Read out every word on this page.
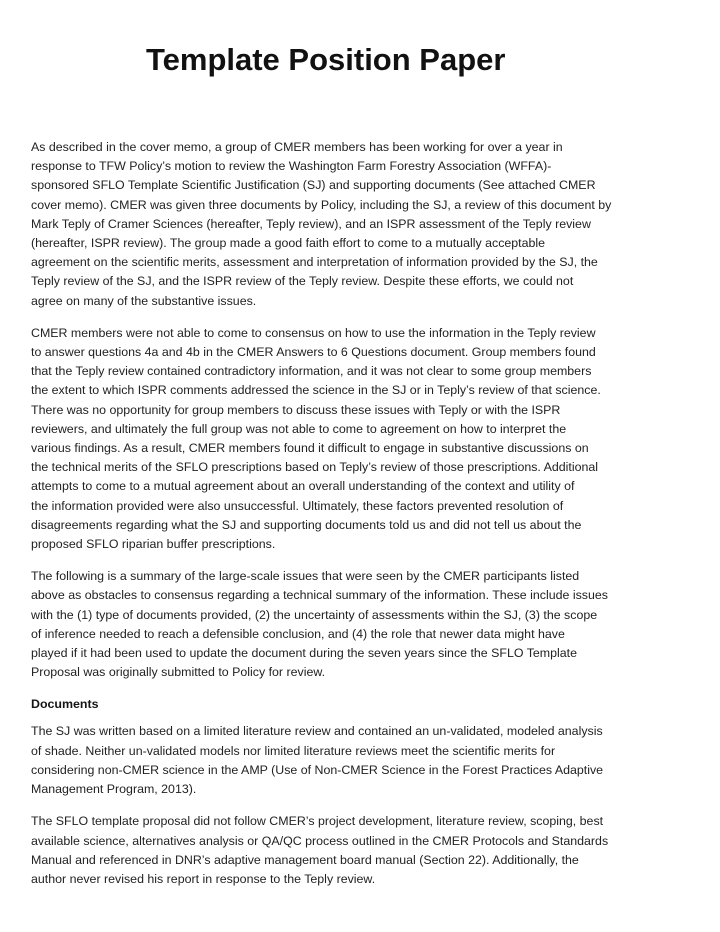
Template Position Paper

As described in the cover memo, a group of CMER members has been working for over a year in
response to TFW Policy’s motion to review the Washington Farm Forestry Association (WFFA)-
sponsored SFLO Template Scientific Justification (SJ) and supporting documents (See attached CMER
cover memo). CMER was given three documents by Policy, including the SJ, a review of this document by
Mark Teply of Cramer Sciences (hereafter, Teply review), and an ISPR assessment of the Teply review
(hereafter, ISPR review). The group made a good faith effort to come to a mutually acceptable
agreement on the scientific merits, assessment and interpretation of information provided by the SJ, the
Teply review of the SJ, and the ISPR review of the Teply review. Despite these efforts, we could not
agree on many of the substantive issues.

CMER members were not able to come to consensus on how to use the information in the Teply review
to answer questions 4a and 4b in the CMER Answers to 6 Questions document. Group members found
that the Teply review contained contradictory information, and it was not clear to some group members
the extent to which ISPR comments addressed the science in the SJ or in Teply’s review of that science.
There was no opportunity for group members to discuss these issues with Teply or with the ISPR
reviewers, and ultimately the full group was not able to come to agreement on how to interpret the
various findings. As a result, CMER members found it difficult to engage in substantive discussions on
the technical merits of the SFLO prescriptions based on Teply’s review of those prescriptions. Additional
attempts to come to a mutual agreement about an overall understanding of the context and utility of
the information provided were also unsuccessful. Ultimately, these factors prevented resolution of
disagreements regarding what the SJ and supporting documents told us and did not tell us about the
proposed SFLO riparian buffer prescriptions.

The following is a summary of the large-scale issues that were seen by the CMER participants listed
above as obstacles to consensus regarding a technical summary of the information. These include issues
with the (1) type of documents provided, (2) the uncertainty of assessments within the SJ, (3) the scope
of inference needed to reach a defensible conclusion, and (4) the role that newer data might have
played if it had been used to update the document during the seven years since the SFLO Template
Proposal was originally submitted to Policy for review.

Documents

The SJ was written based on a limited literature review and contained an un-validated, modeled analysis
of shade. Neither un-validated models nor limited literature reviews meet the scientific merits for
considering non-CMER science in the AMP (Use of Non-CMER Science in the Forest Practices Adaptive
Management Program, 2013).

The SFLO template proposal did not follow CMER’s project development, literature review, scoping, best
available science, alternatives analysis or QA/QC process outlined in the CMER Protocols and Standards
Manual and referenced in DNR’s adaptive management board manual (Section 22). Additionally, the
author never revised his report in response to the Teply review.
